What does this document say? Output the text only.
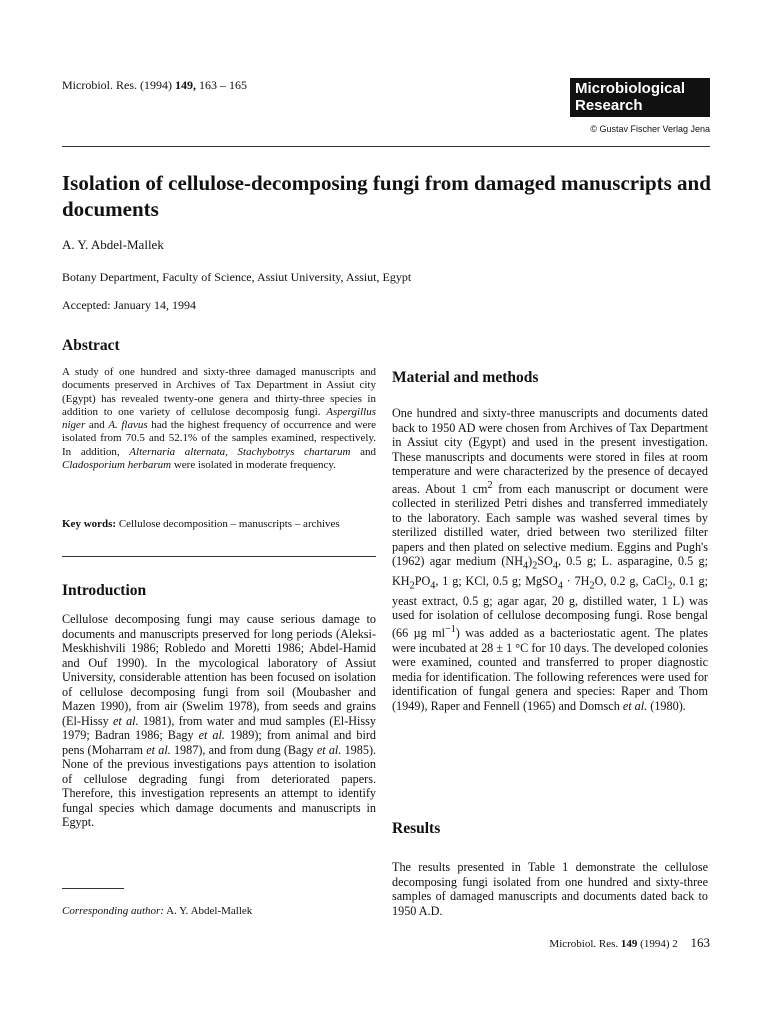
Microbiol. Res. (1994) 149, 163 – 165	Microbiological
Research
© Gustav Fischer Verlag Jena
Isolation of cellulose-decomposing fungi from damaged manuscripts and documents
A. Y. Abdel-Mallek
Botany Department, Faculty of Science, Assiut University, Assiut, Egypt
Accepted: January 14, 1994
Abstract
A study of one hundred and sixty-three damaged manuscripts and documents preserved in Archives of Tax Department in Assiut city (Egypt) has revealed twenty-one genera and thirty-three species in addition to one variety of cellulose decomposig fungi. Aspergillus niger and A. flavus had the highest frequency of occurrence and were isolated from 70.5 and 52.1% of the samples examined, respectively. In addition, Alternaria alternata, Stachybotrys chartarum and Cladosporium herbarum were isolated in moderate frequency.
Key words: Cellulose decomposition – manuscripts – archives
Introduction
Cellulose decomposing fungi may cause serious damage to documents and manuscripts preserved for long periods (Aleksi-Meskhishvili 1986; Robledo and Moretti 1986; Abdel-Hamid and Ouf 1990). In the mycological laboratory of Assiut University, considerable attention has been focused on isolation of cellulose decomposing fungi from soil (Moubasher and Mazen 1990), from air (Swelim 1978), from seeds and grains (El-Hissy et al. 1981), from water and mud samples (El-Hissy 1979; Badran 1986; Bagy et al. 1989); from animal and bird pens (Moharram et al. 1987), and from dung (Bagy et al. 1985). None of the previous investigations pays attention to isolation of cellulose degrading fungi from deteriorated papers. Therefore, this investigation represents an attempt to identify fungal species which damage documents and manuscripts in Egypt.
Corresponding author: A. Y. Abdel-Mallek
Material and methods
One hundred and sixty-three manuscripts and documents dated back to 1950 AD were chosen from Archives of Tax Department in Assiut city (Egypt) and used in the present investigation. These manuscripts and documents were stored in files at room temperature and were characterized by the presence of decayed areas. About 1 $cm^2$ from each manuscript or document were collected in sterilized Petri dishes and transferred immediately to the laboratory. Each sample was washed several times by sterilized distilled water, dried between two sterilized filter papers and then plated on selective medium. Eggins and Pugh's (1962) agar medium $(NH_4)_2SO_4$, 0.5 g; L. asparagine, 0.5 g; $KH_2PO_4$, 1 g; KCl, 0.5 g; MgSO$_4$ · $7H_2O$, 0.2 g, CaCl$_2$, 0.1 g; yeast extract, 0.5 g; agar agar, 20 g, distilled water, 1 L) was used for isolation of cellulose decomposing fungi. Rose bengal (66 µg $ml^{-1}$) was added as a bacteriostatic agent. The plates were incubated at 28 ± 1 °C for 10 days. The developed colonies were examined, counted and transferred to proper diagnostic media for identification. The following references were used for identification of fungal genera and species: Raper and Thom (1949), Raper and Fennell (1965) and Domsch et al. (1980).
Results
The results presented in Table 1 demonstrate the cellulose decomposing fungi isolated from one hundred and sixty-three samples of damaged manuscripts and documents dated back to 1950 A.D.
Microbiol. Res. 149 (1994) 2 163
